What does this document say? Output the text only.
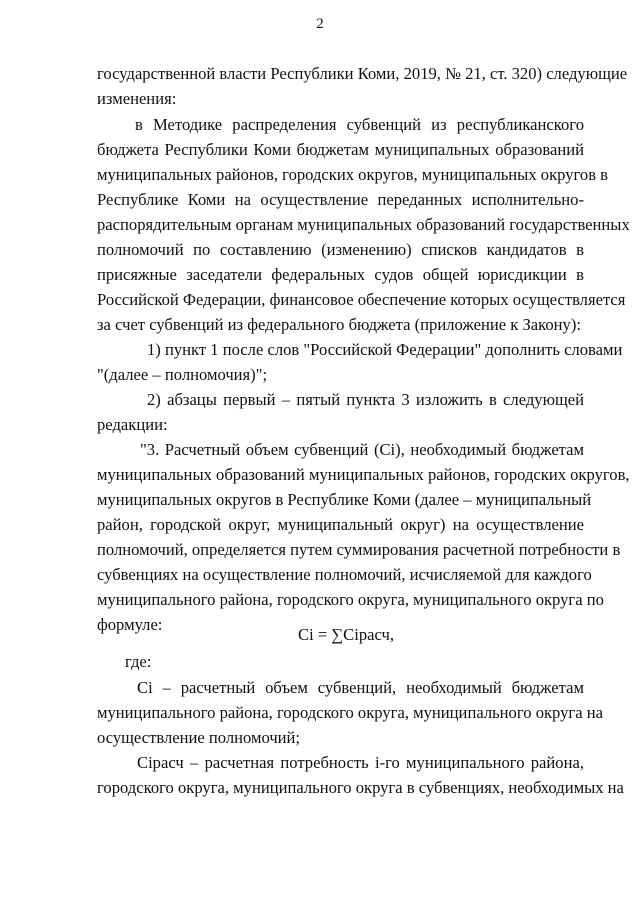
2
государственной власти Республики Коми, 2019, № 21, ст. 320) следующие
изменения:
в Методике распределения субвенций из республиканского
бюджета Республики Коми бюджетам муниципальных образований
муниципальных районов, городских округов, муниципальных округов в
Республике Коми на осуществление переданных исполнительно-
распорядительным органам муниципальных образований государственных
полномочий по составлению (изменению) списков кандидатов в
присяжные заседатели федеральных судов общей юрисдикции в
Российской Федерации, финансовое обеспечение которых осуществляется
за счет субвенций из федерального бюджета (приложение к Закону):
1) пункт 1 после слов "Российской Федерации" дополнить словами
"(далее – полномочия)";
2) абзацы первый – пятый пункта 3 изложить в следующей
редакции:
"3. Расчетный объем субвенций (Ci), необходимый бюджетам
муниципальных образований муниципальных районов, городских округов,
муниципальных округов в Республике Коми (далее – муниципальный
район, городской округ, муниципальный округ) на осуществление
полномочий, определяется путем суммирования расчетной потребности в
субвенциях на осуществление полномочий, исчисляемой для каждого
муниципального района, городского округа, муниципального округа по
формуле:
Ci = ∑Ciрасч,
где:
Ci – расчетный объем субвенций, необходимый бюджетам
муниципального района, городского округа, муниципального округа на
осуществление полномочий;
Ciрасч – расчетная потребность i-го муниципального района,
городского округа, муниципального округа в субвенциях, необходимых на
